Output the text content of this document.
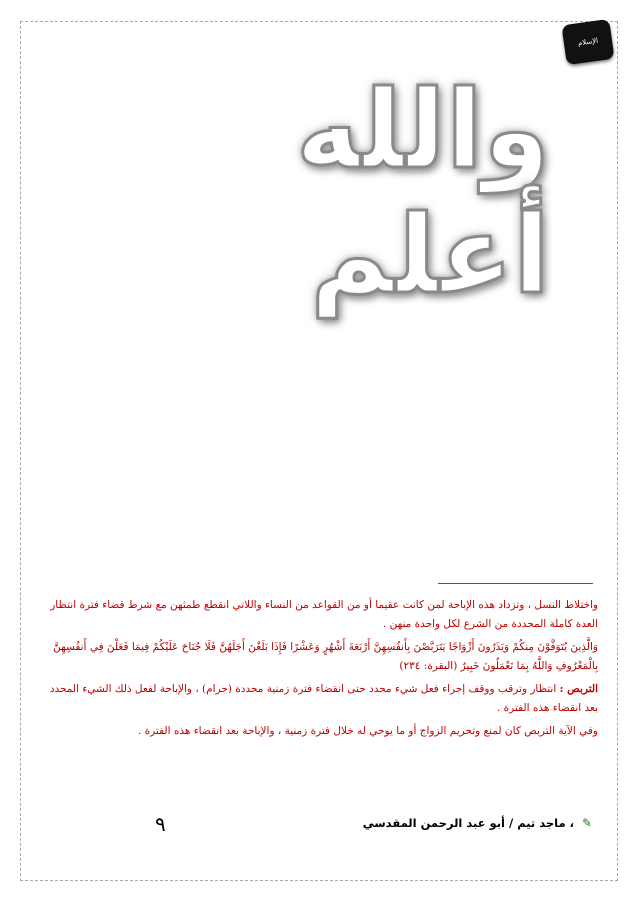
الإسلام
والله أعلم

واختلاط النسل ، وتزداد هذه الإباحة لمن كانت عقيما أو من القواعد من النساء واللاتي انقطع طمثهن مع شرط قضاء فترة انتظار العدة كاملة المحددة من الشرع لكل واحدة منهن .

وَالَّذِينَ يُتَوَفَّوْنَ مِنكُمْ وَيَذَرُونَ أَزْوَاجًا يَتَرَبَّصْنَ بِأَنفُسِهِنَّ أَرْبَعَةَ أَشْهُرٍ وَعَشْرًا فَإِذَا بَلَغْنَ أَجَلَهُنَّ فَلَا جُنَاحَ عَلَيْكُمْ فِيمَا فَعَلْنَ فِي أَنفُسِهِنَّ بِالْمَعْرُوفِ وَاللَّهُ بِمَا تَعْمَلُونَ خَبِيرٌ (البقرة: ٢٣٤)

التربص : انتظار وترقب ووقف إجراء فعل شيء محدد حتى انقضاء فترة زمنية محددة (حرام) ، والإباحة لفعل ذلك الشيء المحدد بعد انقضاء هذه الفترة .

وفي الآية التربص كان لمنع وتحريم الزواج أو ما يوحي له خلال فترة زمنية ، والإباحة بعد انقضاء هذه الفترة .

٩	✎
، ماجد تيم / أبو عبد الرحمن المقدسي
